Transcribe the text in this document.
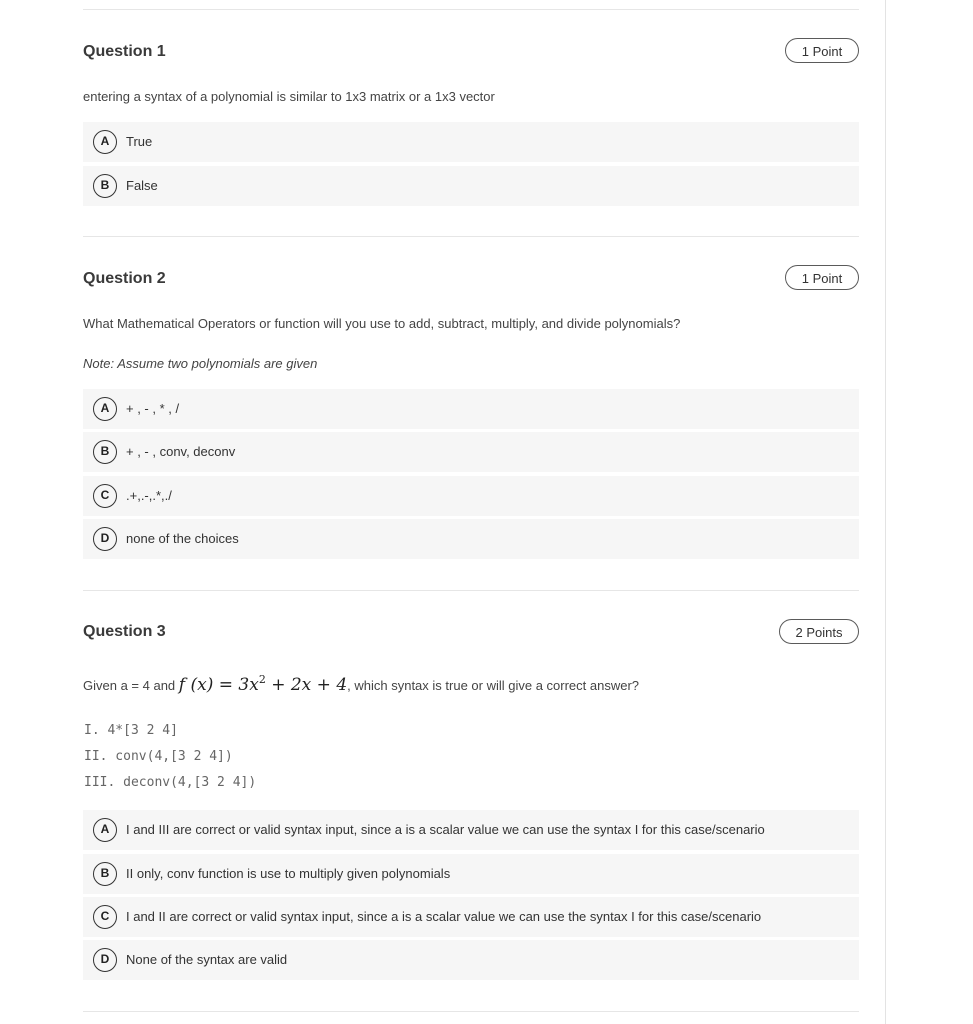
Question 1	1 Point
entering a syntax of a polynomial is similar to 1x3 matrix or a 1x3 vector
A	True
B	False
Question 2	1 Point
What Mathematical Operators or function will you use to add, subtract, multiply, and divide polynomials?
Note: Assume two polynomials are given
A	+ , - , * , /
B	+ , - , conv, deconv
C	.+,.-,.*,./
D	none of the choices
Question 3	2 Points
Given a = 4 and f $(x) = 3x^2 + 2x + 4$, which syntax is true or will give a correct answer?
I. 4*[3 2 4]
II. conv(4,[3 2 4])
III. deconv(4,[3 2 4])
A	I and III are correct or valid syntax input, since a is a scalar value we can use the syntax I for this case/scenario
B	II only, conv function is use to multiply given polynomials
C	I and II are correct or valid syntax input, since a is a scalar value we can use the syntax I for this case/scenario
D	None of the syntax are valid
